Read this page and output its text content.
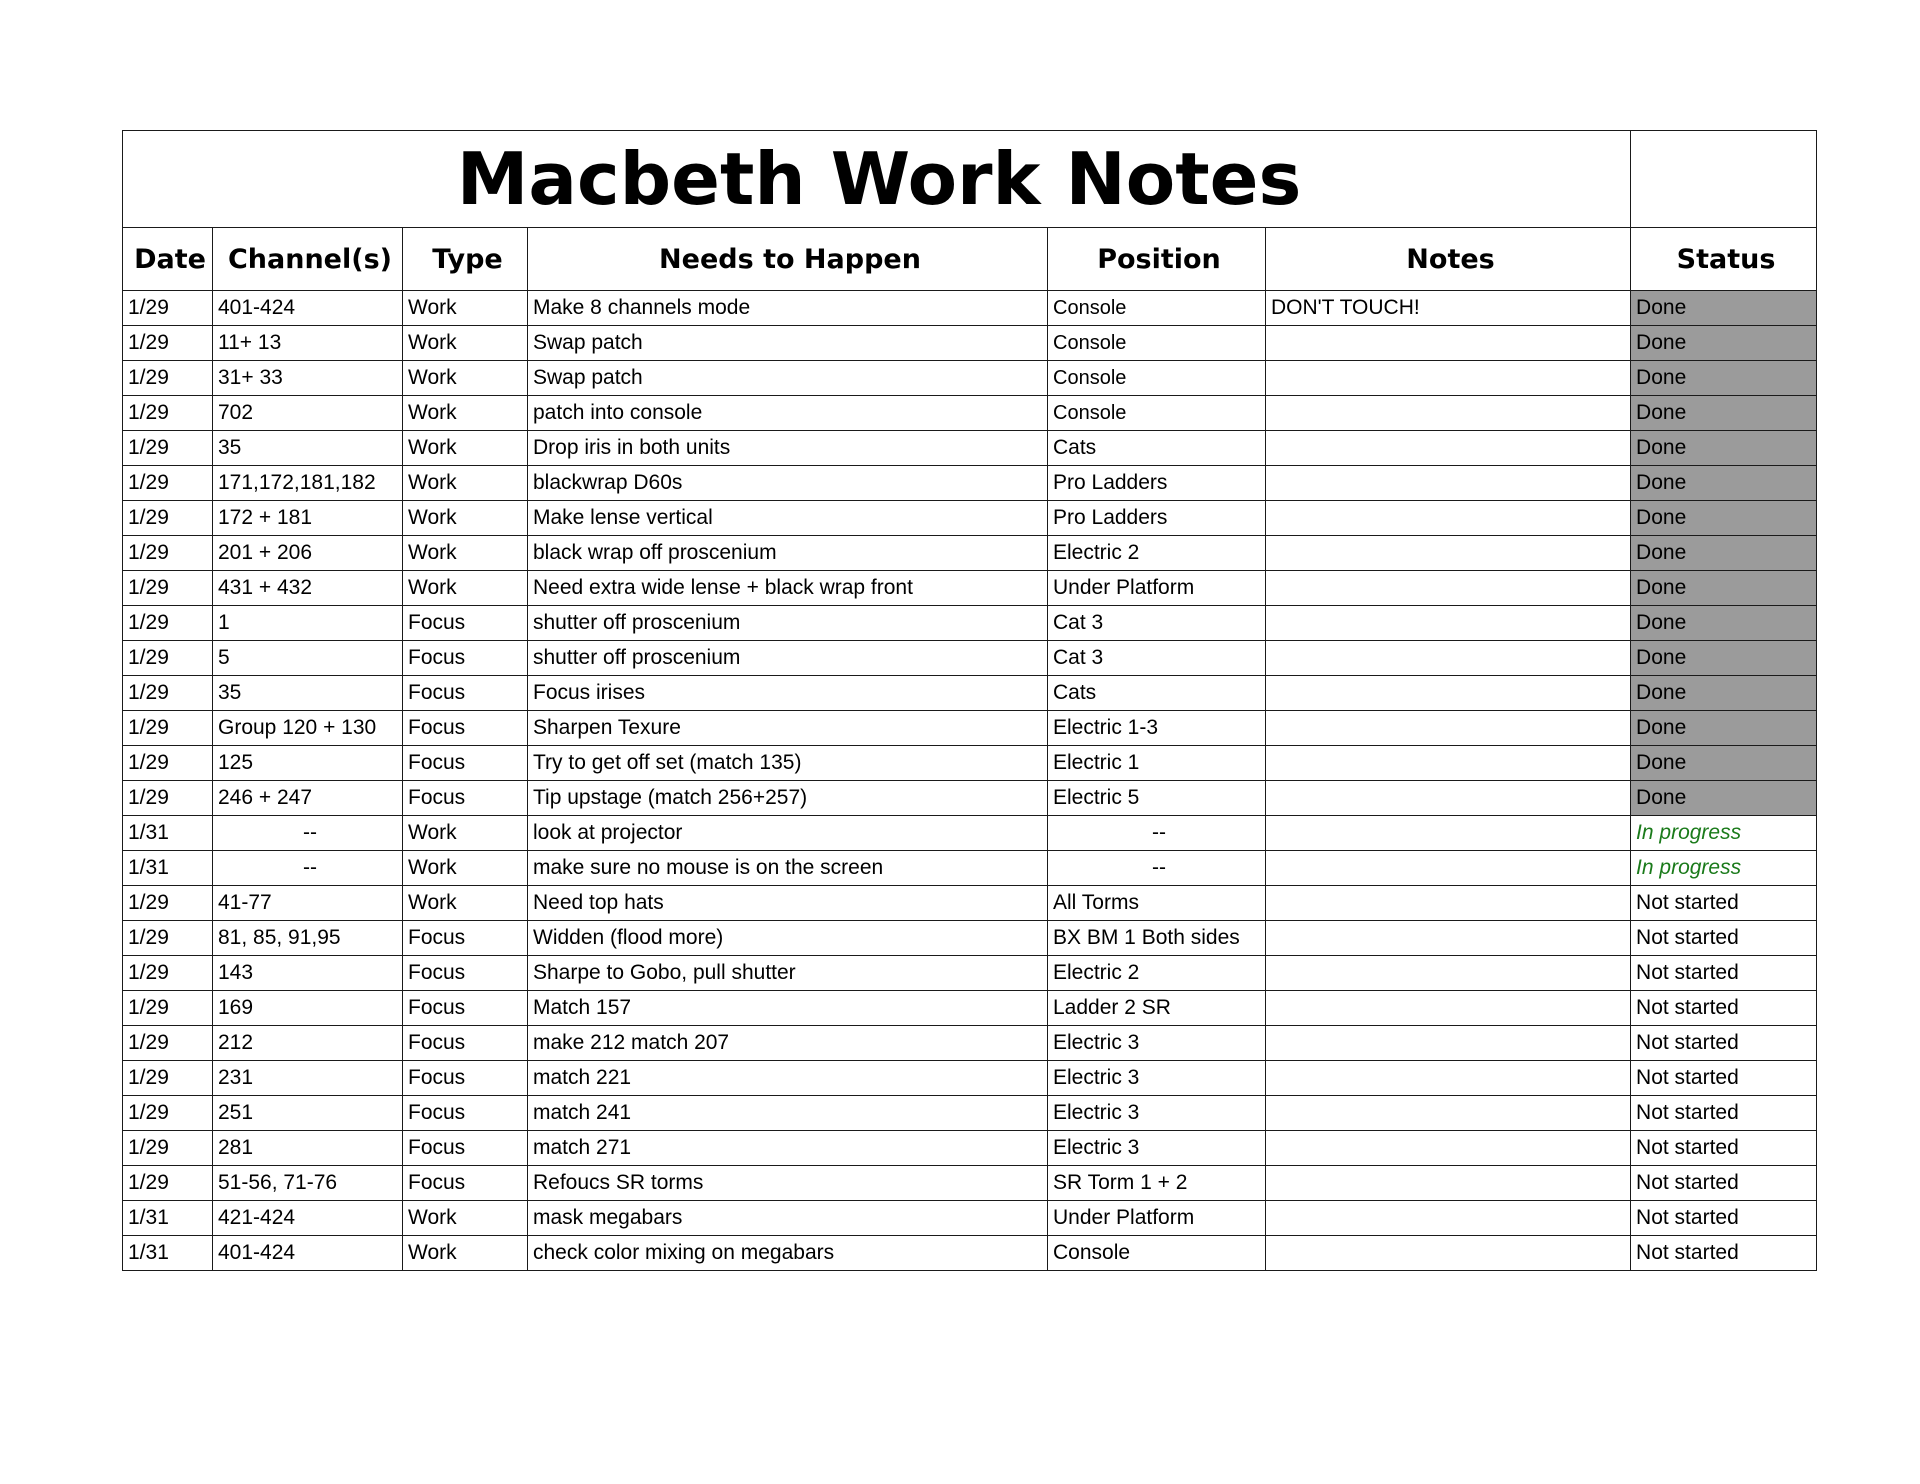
Macbeth Work Notes						
Date	Channel(s)	Type	Needs to Happen	Position	Notes	Status
1/29	401-424	Work	Make 8 channels mode	Console	DON'T TOUCH!	Done
1/29	11+ 13	Work	Swap patch	Console		Done
1/29	31+ 33	Work	Swap patch	Console		Done
1/29	702	Work	patch into console	Console		Done
1/29	35	Work	Drop iris in both units	Cats		Done
1/29	171,172,181,182	Work	blackwrap D60s	Pro Ladders		Done
1/29	172 + 181	Work	Make lense vertical	Pro Ladders		Done
1/29	201 + 206	Work	black wrap off proscenium	Electric 2		Done
1/29	431 + 432	Work	Need extra wide lense + black wrap front	Under Platform		Done
1/29	1	Focus	shutter off proscenium	Cat 3		Done
1/29	5	Focus	shutter off proscenium	Cat 3		Done
1/29	35	Focus	Focus irises	Cats		Done
1/29	Group 120 + 130	Focus	Sharpen Texure	Electric 1-3		Done
1/29	125	Focus	Try to get off set (match 135)	Electric 1		Done
1/29	246 + 247	Focus	Tip upstage (match 256+257)	Electric 5		Done
1/31	--	Work	look at projector	--		In progress
1/31	--	Work	make sure no mouse is on the screen	--		In progress
1/29	41-77	Work	Need top hats	All Torms		Not started
1/29	81, 85, 91,95	Focus	Widden (flood more)	BX BM 1 Both sides		Not started
1/29	143	Focus	Sharpe to Gobo, pull shutter	Electric 2		Not started
1/29	169	Focus	Match 157	Ladder 2 SR		Not started
1/29	212	Focus	make 212 match 207	Electric 3		Not started
1/29	231	Focus	match 221	Electric 3		Not started
1/29	251	Focus	match 241	Electric 3		Not started
1/29	281	Focus	match 271	Electric 3		Not started
1/29	51-56, 71-76	Focus	Refoucs SR torms	SR Torm 1 + 2		Not started
1/31	421-424	Work	mask megabars	Under Platform		Not started
1/31	401-424	Work	check color mixing on megabars	Console		Not started
